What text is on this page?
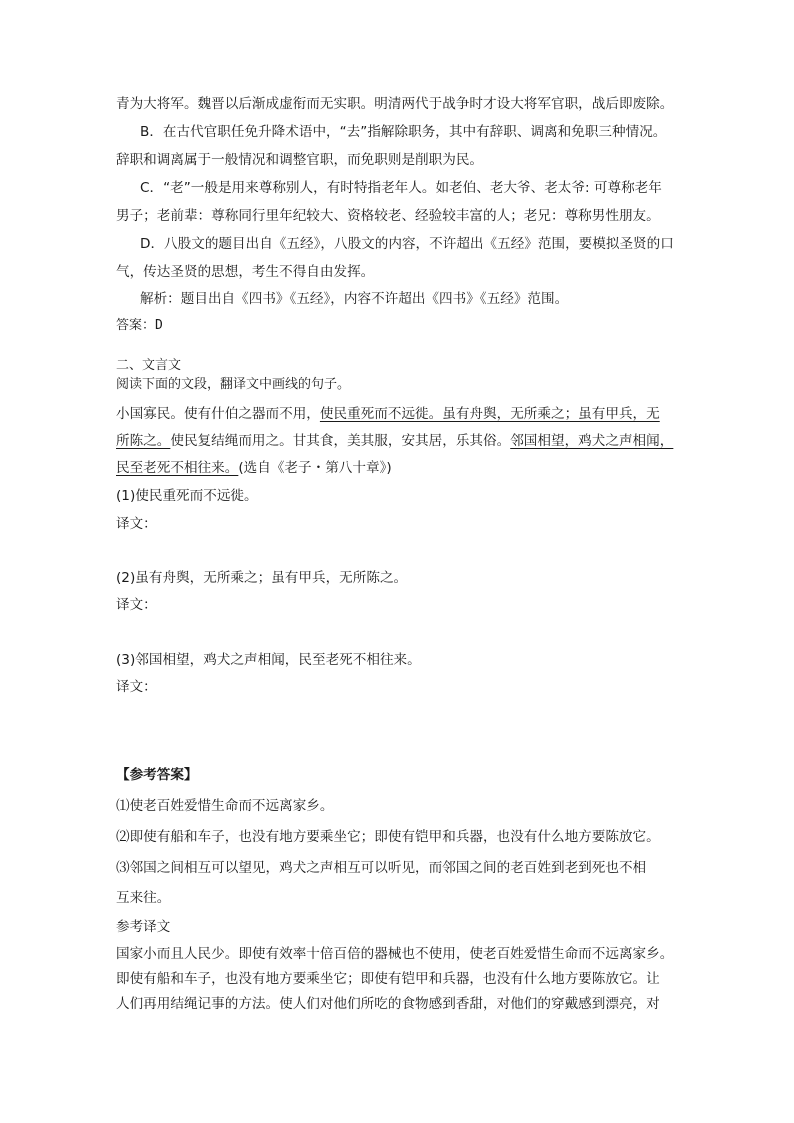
青为大将军。魏晋以后渐成虚衔而无实职。明清两代于战争时才设大将军官职，战后即废除。
B．在古代官职任免升降术语中，“去”指解除职务，其中有辞职、调离和免职三种情况。
辞职和调离属于一般情况和调整官职，而免职则是削职为民。
C．“老”一般是用来尊称别人，有时特指老年人。如老伯、老大爷、老太爷: 可尊称老年
男子；老前辈：尊称同行里年纪较大、资格较老、经验较丰富的人；老兄：尊称男性朋友。
D．八股文的题目出自《五经》，八股文的内容，不许超出《五经》范围，要模拟圣贤的口
气，传达圣贤的思想，考生不得自由发挥。
解析：题目出自《四书》《五经》，内容不许超出《四书》《五经》范围。
答案：D
二、文言文
阅读下面的文段，翻译文中画线的句子。
小国寡民。使有什伯之器而不用，使民重死而不远徙。虽有舟舆，无所乘之；虽有甲兵，无
所陈之。使民复结绳而用之。甘其食，美其服，安其居，乐其俗。邻国相望，鸡犬之声相闻，
民至老死不相往来。(选自《老子・第八十章》)
(1)使民重死而不远徙。
译文：
(2)虽有舟舆，无所乘之；虽有甲兵，无所陈之。
译文：
(3)邻国相望，鸡犬之声相闻，民至老死不相往来。
译文：
【参考答案】
⑴使老百姓爱惜生命而不远离家乡。
⑵即使有船和车子，也没有地方要乘坐它；即使有铠甲和兵器，也没有什么地方要陈放它。
⑶邻国之间相互可以望见，鸡犬之声相互可以听见，而邻国之间的老百姓到老到死也不相
互来往。
参考译文
国家小而且人民少。即使有效率十倍百倍的器械也不使用，使老百姓爱惜生命而不远离家乡。
即使有船和车子，也没有地方要乘坐它；即使有铠甲和兵器，也没有什么地方要陈放它。让
人们再用结绳记事的方法。使人们对他们所吃的食物感到香甜，对他们的穿戴感到漂亮，对
